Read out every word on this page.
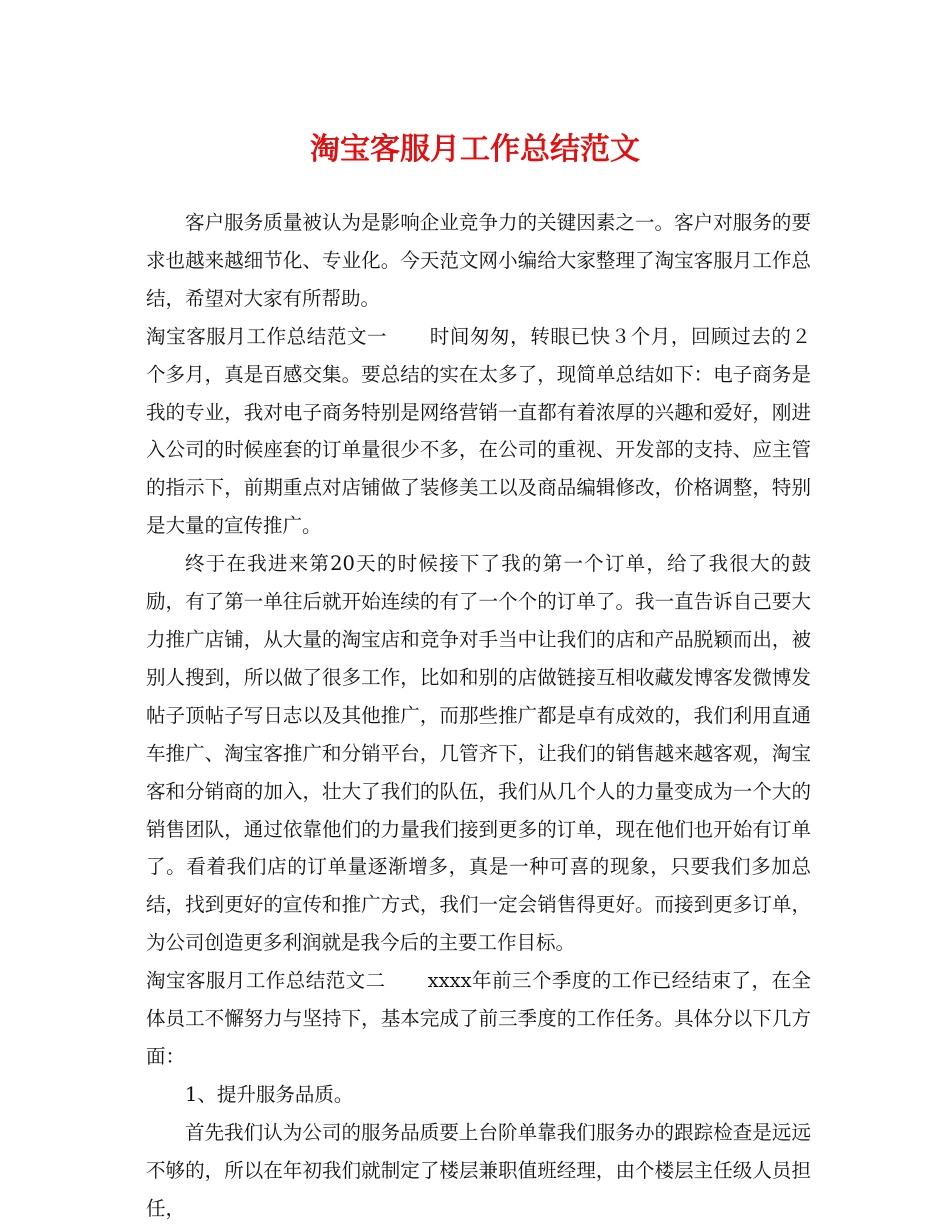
淘宝客服月工作总结范文

客户服务质量被认为是影响企业竞争力的关键因素之一。客户对服务的要求也越来越细节化、专业化。今天范文网小编给大家整理了淘宝客服月工作总结，希望对大家有所帮助。

淘宝客服月工作总结范文一 时间匆匆，转眼已快３个月，回顾过去的２个多月，真是百感交集。要总结的实在太多了，现简单总结如下：电子商务是我的专业，我对电子商务特别是网络营销一直都有着浓厚的兴趣和爱好，刚进入公司的时候座套的订单量很少不多，在公司的重视、开发部的支持、应主管的指示下，前期重点对店铺做了装修美工以及商品编辑修改，价格调整，特别是大量的宣传推广。

终于在我进来第20天的时候接下了我的第一个订单，给了我很大的鼓励，有了第一单往后就开始连续的有了一个个的订单了。我一直告诉自己要大力推广店铺，从大量的淘宝店和竞争对手当中让我们的店和产品脱颖而出，被别人搜到，所以做了很多工作，比如和别的店做链接互相收藏发博客发微博发帖子顶帖子写日志以及其他推广，而那些推广都是卓有成效的，我们利用直通车推广、淘宝客推广和分销平台，几管齐下，让我们的销售越来越客观，淘宝客和分销商的加入，壮大了我们的队伍，我们从几个人的力量变成为一个大的销售团队，通过依靠他们的力量我们接到更多的订单，现在他们也开始有订单了。看着我们店的订单量逐渐增多，真是一种可喜的现象，只要我们多加总结，找到更好的宣传和推广方式，我们一定会销售得更好。而接到更多订单，为公司创造更多利润就是我今后的主要工作目标。

淘宝客服月工作总结范文二 xxxx年前三个季度的工作已经结束了，在全体员工不懈努力与坚持下，基本完成了前三季度的工作任务。具体分以下几方面：

1、提升服务品质。

首先我们认为公司的服务品质要上台阶单靠我们服务办的跟踪检查是远远不够的，所以在年初我们就制定了楼层兼职值班经理，由个楼层主任级人员担任，
